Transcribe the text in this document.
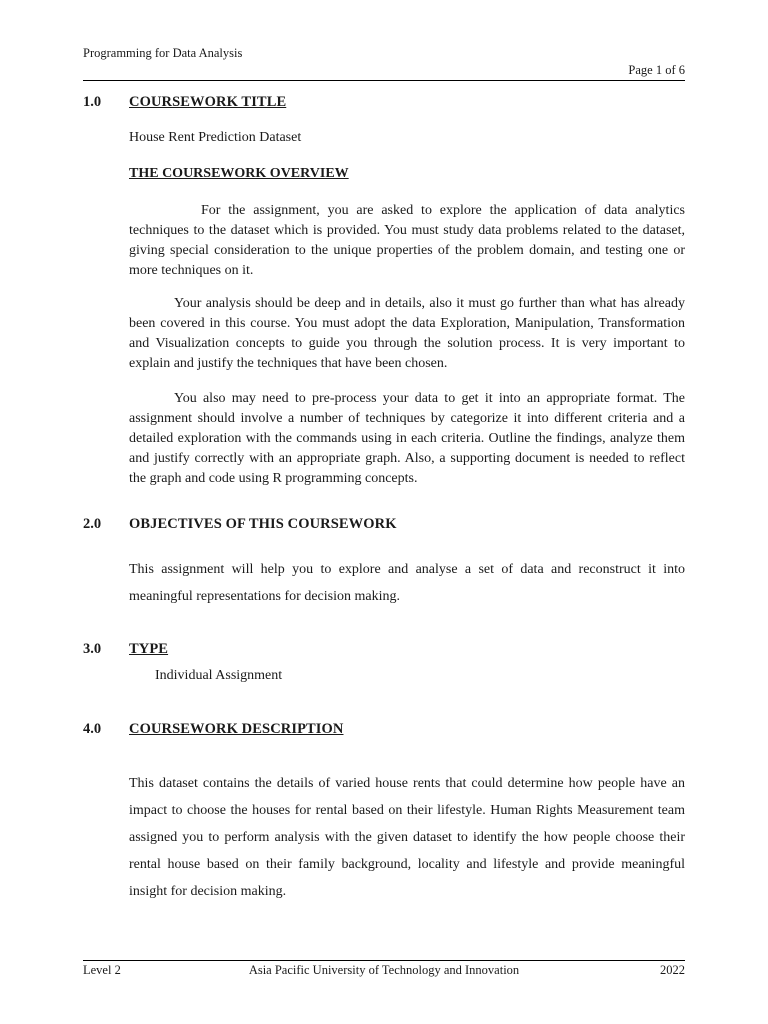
Programming for Data Analysis
Page 1 of 6
1.0 COURSEWORK TITLE
House Rent Prediction Dataset
THE COURSEWORK OVERVIEW

For the assignment, you are asked to explore the application of data analytics techniques to the dataset which is provided. You must study data problems related to the dataset, giving special consideration to the unique properties of the problem domain, and testing one or more techniques on it.

Your analysis should be deep and in details, also it must go further than what has already been covered in this course. You must adopt the data Exploration, Manipulation, Transformation and Visualization concepts to guide you through the solution process. It is very important to explain and justify the techniques that have been chosen.

You also may need to pre-process your data to get it into an appropriate format. The assignment should involve a number of techniques by categorize it into different criteria and a detailed exploration with the commands using in each criteria. Outline the findings, analyze them and justify correctly with an appropriate graph. Also, a supporting document is needed to reflect the graph and code using R programming concepts.

2.0 OBJECTIVES OF THIS COURSEWORK

This assignment will help you to explore and analyse a set of data and reconstruct it into meaningful representations for decision making.

3.0 TYPE
Individual Assignment
4.0 COURSEWORK DESCRIPTION

This dataset contains the details of varied house rents that could determine how people have an impact to choose the houses for rental based on their lifestyle. Human Rights Measurement team assigned you to perform analysis with the given dataset to identify the how people choose their rental house based on their family background, locality and lifestyle and provide meaningful insight for decision making.

Level 2	Asia Pacific University of Technology and Innovation	2022
